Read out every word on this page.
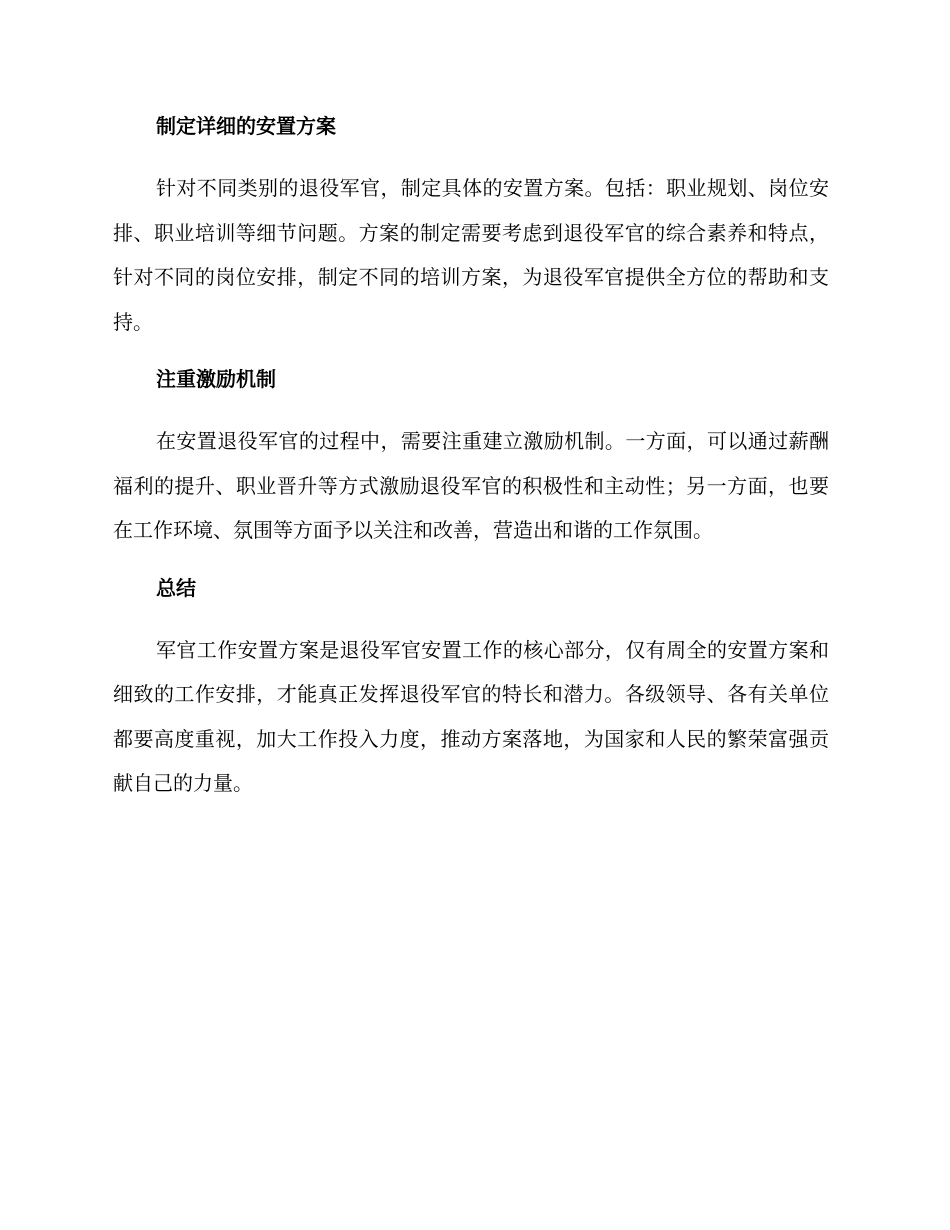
制定详细的安置方案

针对不同类别的退役军官，制定具体的安置方案。包括：职业规划、岗位安排、职业培训等细节问题。方案的制定需要考虑到退役军官的综合素养和特点，针对不同的岗位安排，制定不同的培训方案，为退役军官提供全方位的帮助和支持。

注重激励机制

在安置退役军官的过程中，需要注重建立激励机制。一方面，可以通过薪酬福利的提升、职业晋升等方式激励退役军官的积极性和主动性；另一方面，也要在工作环境、氛围等方面予以关注和改善，营造出和谐的工作氛围。

总结

军官工作安置方案是退役军官安置工作的核心部分，仅有周全的安置方案和细致的工作安排，才能真正发挥退役军官的特长和潜力。各级领导、各有关单位都要高度重视，加大工作投入力度，推动方案落地，为国家和人民的繁荣富强贡献自己的力量。
